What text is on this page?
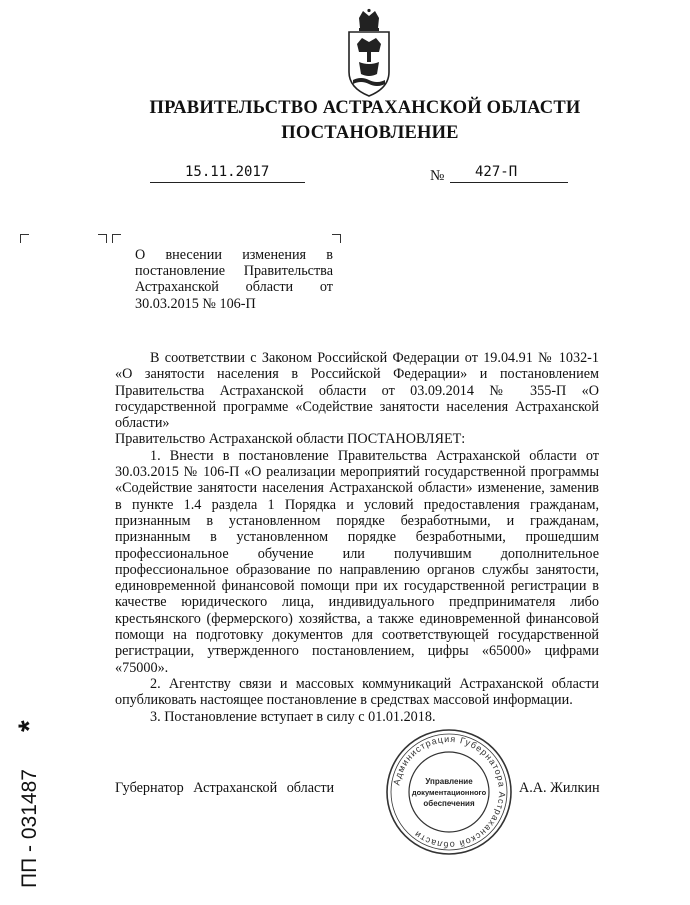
ПРАВИТЕЛЬСТВО АСТРАХАНСКОЙ ОБЛАСТИ
ПОСТАНОВЛЕНИЕ
15.11.2017	№ 427-П
О внесении изменения в
постановление Правительства
Астраханской области от
30.03.2015 № 106-П

В соответствии с Законом Российской Федерации от 19.04.91 № 1032-1 «О занятости населения в Российской Федерации» и постановлением Правительства Астраханской области от 03.09.2014 № 355-П «О государственной программе «Содействие занятости населения Астраханской области»

Правительство Астраханской области ПОСТАНОВЛЯЕТ:

1. Внести в постановление Правительства Астраханской области от 30.03.2015 № 106-П «О реализации мероприятий государственной программы «Содействие занятости населения Астраханской области» изменение, заменив в пункте 1.4 раздела 1 Порядка и условий предоставления гражданам, признанным в установленном порядке безработными, и гражданам, признанным в установленном порядке безработными, прошедшим профессиональное обучение или получившим дополнительное профессиональное образование по направлению органов службы занятости, единовременной финансовой помощи при их государственной регистрации в качестве юридического лица, индивидуального предпринимателя либо крестьянского (фермерского) хозяйства, а также единовременной финансовой помощи на подготовку документов для соответствующей государственной регистрации, утвержденного постановлением, цифры «65000» цифрами «75000».

2. Агентству связи и массовых коммуникаций Астраханской области опубликовать настоящее постановление в средствах массовой информации.

3. Постановление вступает в силу с 01.01.2018.

Губернатор Астраханской области	А.А. Жилкин
Администрация Губернатора Астраханской области
Управление
документационного
обеспечения
ПП - 031487
*
